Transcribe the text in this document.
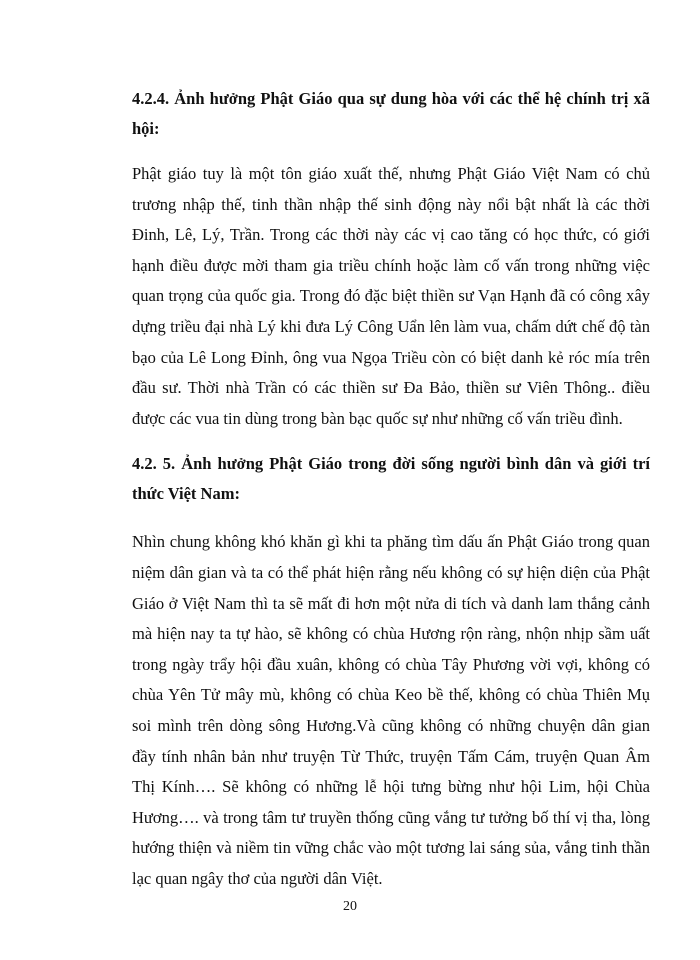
4.2.4. Ảnh hưởng Phật Giáo qua sự dung hòa với các thể hệ chính trị xã hội:

Phật giáo tuy là một tôn giáo xuất thế, nhưng Phật Giáo Việt Nam có chủ trương nhập thế, tinh thần nhập thế sinh động này nổi bật nhất là các thời Đinh, Lê, Lý, Trần. Trong các thời này các vị cao tăng có học thức, có giới hạnh điều được mời tham gia triều chính hoặc làm cố vấn trong những việc quan trọng của quốc gia. Trong đó đặc biệt thiền sư Vạn Hạnh đã có công xây dựng triều đại nhà Lý khi đưa Lý Công Uẩn lên làm vua, chấm dứt chế độ tàn bạo của Lê Long Đỉnh, ông vua Ngọa Triều còn có biệt danh kẻ róc mía trên đầu sư. Thời nhà Trần có các thiền sư Đa Bảo, thiền sư Viên Thông.. điều được các vua tin dùng trong bàn bạc quốc sự như những cố vấn triều đình.

4.2. 5. Ảnh hưởng Phật Giáo trong đời sống người bình dân và giới trí thức Việt Nam:

Nhìn chung không khó khăn gì khi ta phăng tìm dấu ấn Phật Giáo trong quan niệm dân gian và ta có thể phát hiện rằng nếu không có sự hiện diện của Phật Giáo ở Việt Nam thì ta sẽ mất đi hơn một nửa di tích và danh lam thắng cảnh mà hiện nay ta tự hào, sẽ không có chùa Hương rộn ràng, nhộn nhịp sầm uất trong ngày trẩy hội đầu xuân, không có chùa Tây Phương vời vợi, không có chùa Yên Tử mây mù, không có chùa Keo bề thế, không có chùa Thiên Mụ soi mình trên dòng sông Hương.Và cũng không có những chuyện dân gian đầy tính nhân bản như truyện Từ Thức, truyện Tấm Cám, truyện Quan Âm Thị Kính…. Sẽ không có những lễ hội tưng bừng như hội Lim, hội Chùa Hương…. và trong tâm tư truyền thống cũng vắng tư tưởng bố thí vị tha, lòng hướng thiện và niềm tin vững chắc vào một tương lai sáng sủa, vắng tinh thần lạc quan ngây thơ của người dân Việt.

20
